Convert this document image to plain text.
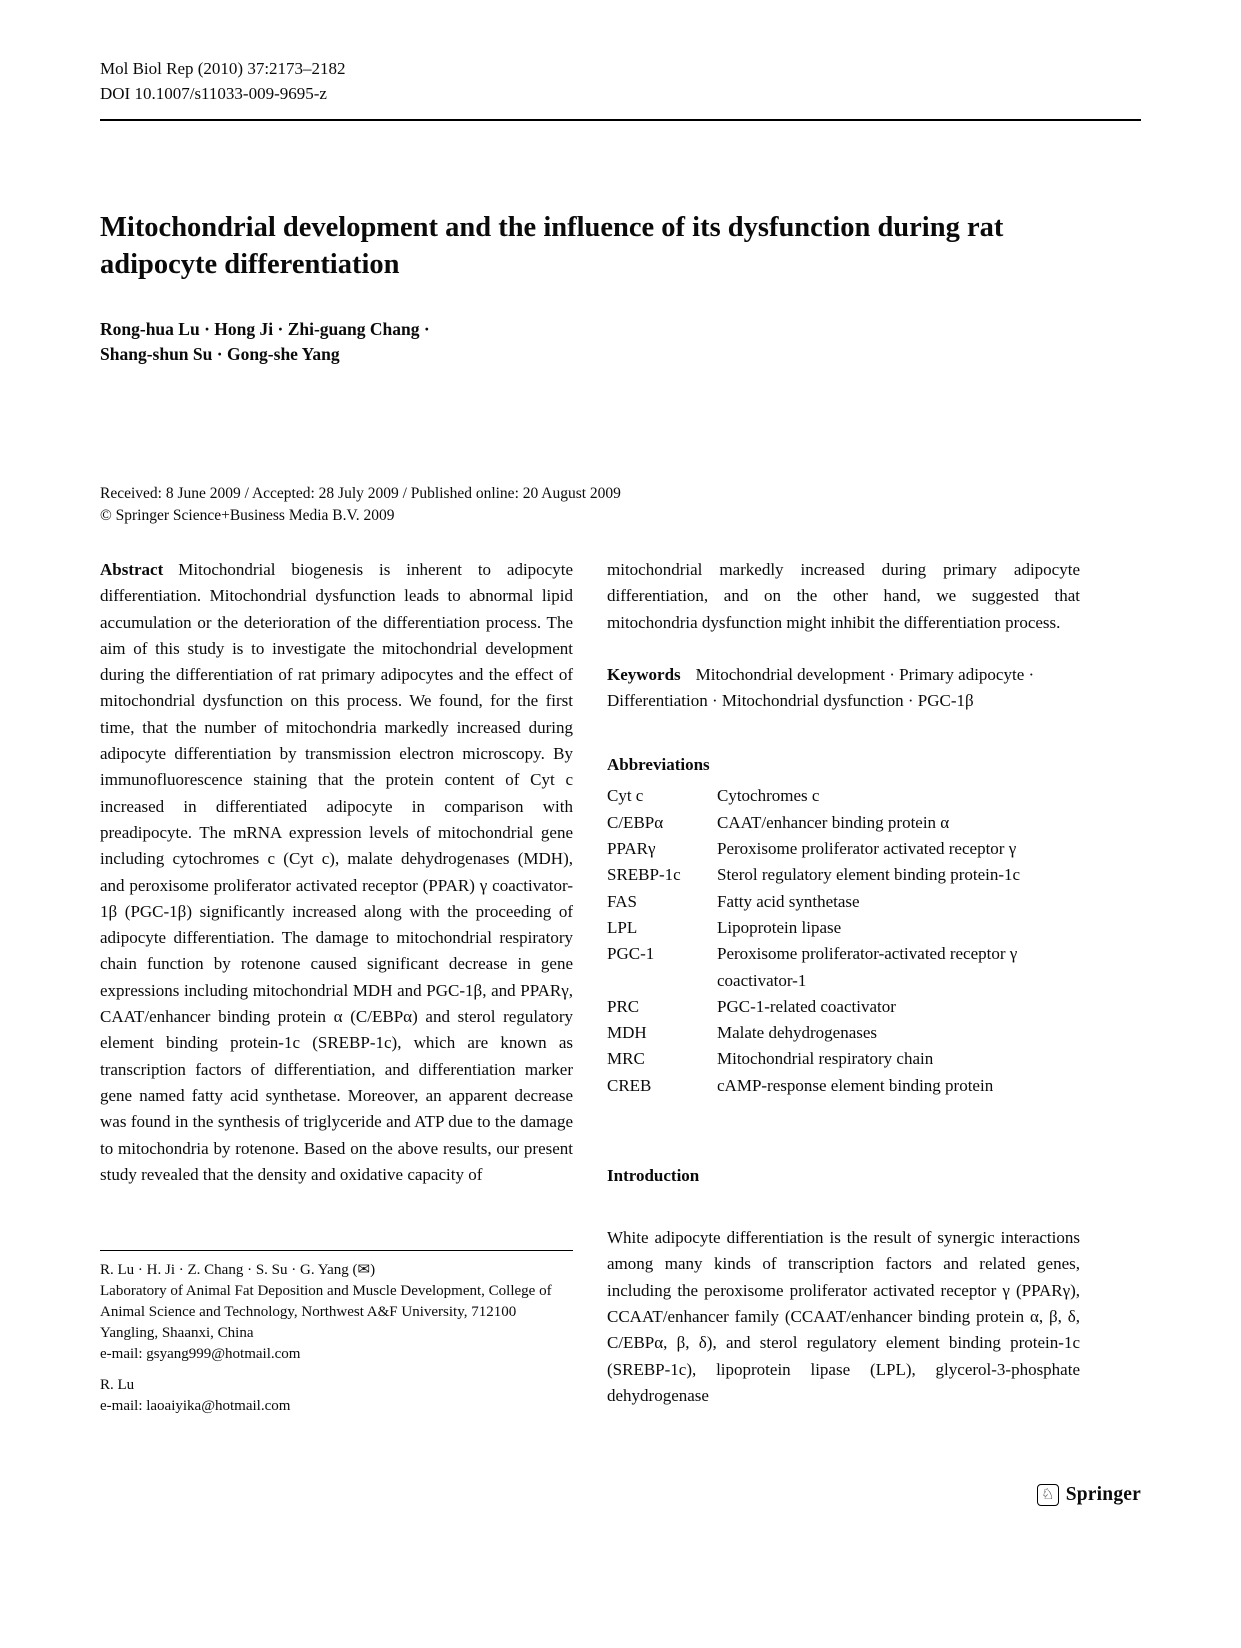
Mol Biol Rep (2010) 37:2173–2182

DOI 10.1007/s11033-009-9695-z

Mitochondrial development and the influence of its dysfunction during rat adipocyte differentiation

Rong-hua Lu · Hong Ji · Zhi-guang Chang ·
Shang-shun Su · Gong-she Yang

Received: 8 June 2009 / Accepted: 28 July 2009 / Published online: 20 August 2009

© Springer Science+Business Media B.V. 2009

Abstract Mitochondrial biogenesis is inherent to adipocyte differentiation. Mitochondrial dysfunction leads to abnormal lipid accumulation or the deterioration of the differentiation process. The aim of this study is to investigate the mitochondrial development during the differentiation of rat primary adipocytes and the effect of mitochondrial dysfunction on this process. We found, for the first time, that the number of mitochondria markedly increased during adipocyte differentiation by transmission electron microscopy. By immunofluorescence staining that the protein content of Cyt c increased in differentiated adipocyte in comparison with preadipocyte. The mRNA expression levels of mitochondrial gene including cytochromes c (Cyt c), malate dehydrogenases (MDH), and peroxisome proliferator activated receptor (PPAR) γ coactivator-1β (PGC-1β) significantly increased along with the proceeding of adipocyte differentiation. The damage to mitochondrial respiratory chain function by rotenone caused significant decrease in gene expressions including mitochondrial MDH and PGC-1β, and PPARγ, CAAT/enhancer binding protein α (C/EBPα) and sterol regulatory element binding protein-1c (SREBP-1c), which are known as transcription factors of differentiation, and differentiation marker gene named fatty acid synthetase. Moreover, an apparent decrease was found in the synthesis of triglyceride and ATP due to the damage to mitochondria by rotenone. Based on the above results, our present study revealed that the density and oxidative capacity of

R. Lu · H. Ji · Z. Chang · S. Su · G. Yang (✉)

Laboratory of Animal Fat Deposition and Muscle Development, College of Animal Science and Technology, Northwest A&F University, 712100 Yangling, Shaanxi, China

e-mail: gsyang999@hotmail.com

R. Lu

e-mail: laoaiyika@hotmail.com

mitochondrial markedly increased during primary adipocyte differentiation, and on the other hand, we suggested that mitochondria dysfunction might inhibit the differentiation process.

Keywords Mitochondrial development · Primary adipocyte · Differentiation · Mitochondrial dysfunction · PGC-1β

Abbreviations
Cyt c	Cytochromes c
C/EBPα	CAAT/enhancer binding protein α
PPARγ	Peroxisome proliferator activated receptor γ
SREBP-1c	Sterol regulatory element binding protein-1c
FAS	Fatty acid synthetase
LPL	Lipoprotein lipase
PGC-1	Peroxisome proliferator-activated receptor γ coactivator-1
PRC	PGC-1-related coactivator
MDH	Malate dehydrogenases
MRC	Mitochondrial respiratory chain
CREB	cAMP-response element binding protein
Introduction

White adipocyte differentiation is the result of synergic interactions among many kinds of transcription factors and related genes, including the peroxisome proliferator activated receptor γ (PPARγ), CCAAT/enhancer family (CCAAT/enhancer binding protein α, β, δ, C/EBPα, β, δ), and sterol regulatory element binding protein-1c (SREBP-1c), lipoprotein lipase (LPL), glycerol-3-phosphate dehydrogenase

♘ Springer
